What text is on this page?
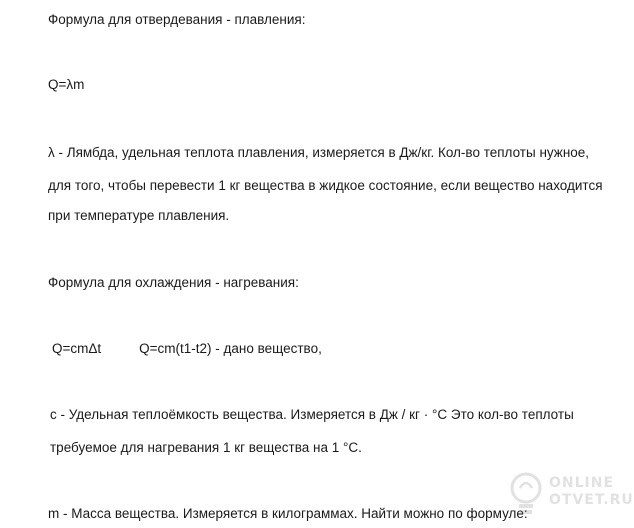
Формула для отвердевания - плавления:
Q=λm
λ - Лямбда, удельная теплота плавления, измеряется в Дж/кг. Кол-во теплоты нужное,
для того, чтобы перевести 1 кг вещества в жидкое состояние, если вещество находится
при температуре плавления.
Формула для охлаждения - нагревания:
Q=cmΔt	Q=cm(t1-t2) - дано вещество,
c - Удельная теплоёмкость вещества. Измеряется в Дж / кг · °C Это кол-во теплоты
требуемое для нагревания 1 кг вещества на 1 °C.
m - Масса вещества. Измеряется в килограммах. Найти можно по формуле:
ONLINE
OTVET.RU
